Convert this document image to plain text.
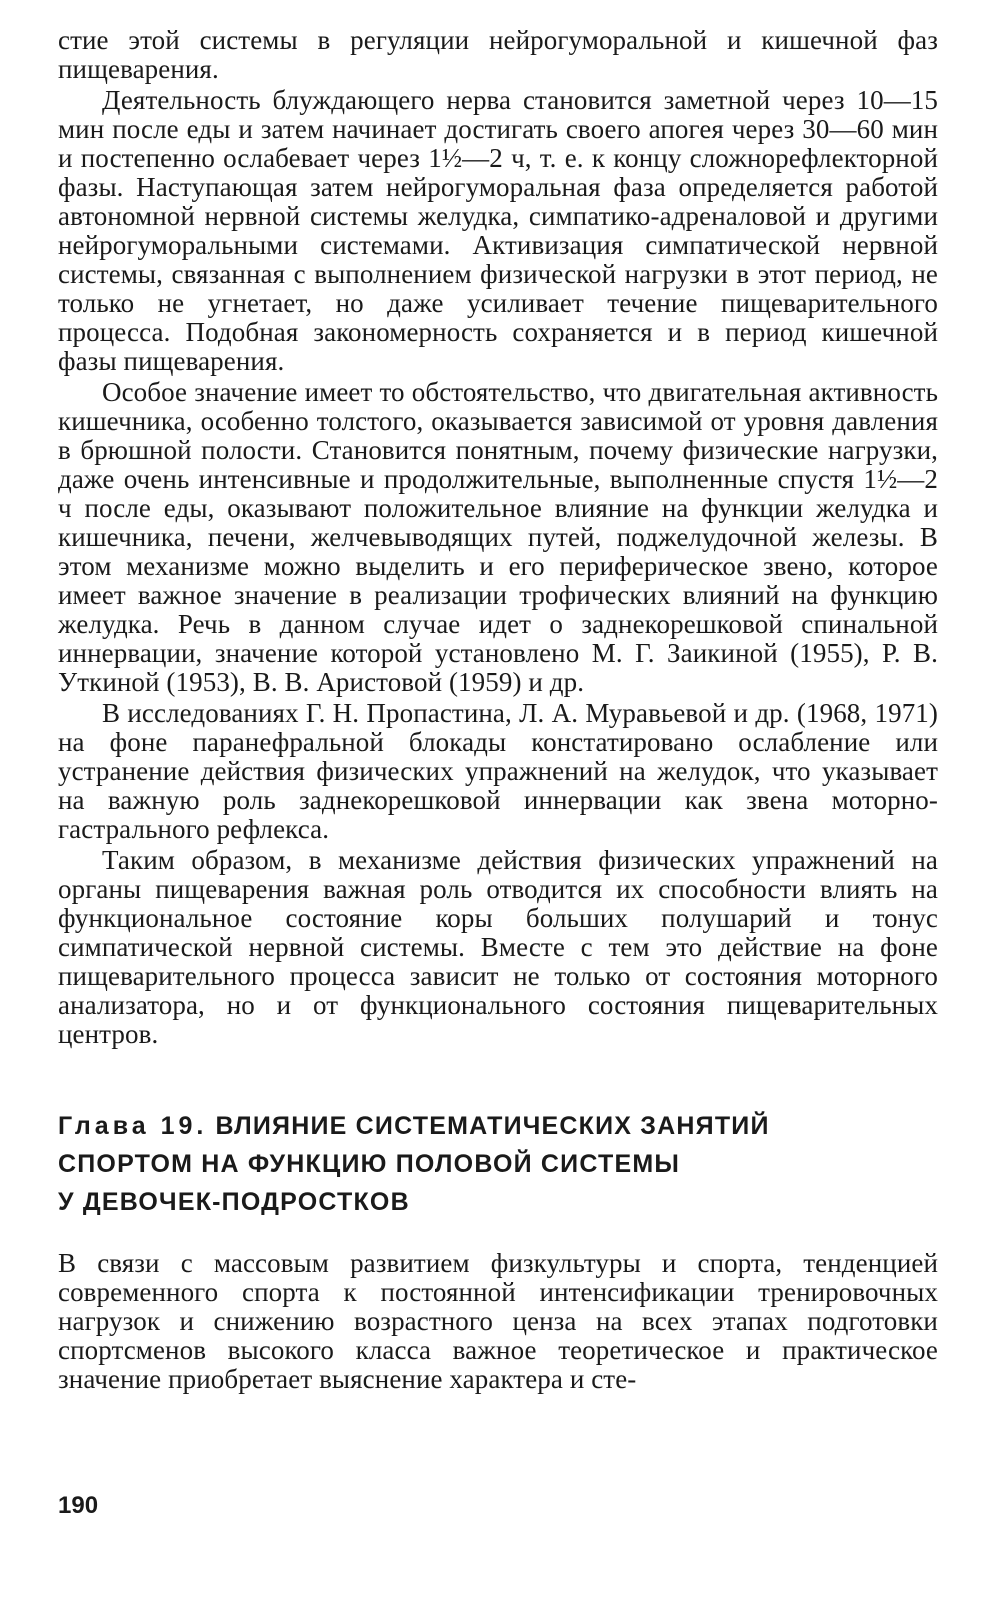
стие этой системы в регуляции нейрогуморальной и кишечной фаз пищеварения.

Деятельность блуждающего нерва становится заметной через 10—15 мин после еды и затем начинает достигать своего апогея через 30—60 мин и постепенно ослабевает через 1½—2 ч, т. е. к концу сложнорефлекторной фазы. Наступающая затем нейрогуморальная фаза определяется работой автономной нервной системы желудка, симпатико-адреналовой и другими нейрогуморальными системами. Активизация симпатической нервной системы, связанная с выполнением физической нагрузки в этот период, не только не угнетает, но даже усиливает течение пищеварительного процесса. Подобная закономерность сохраняется и в период кишечной фазы пищеварения.

Особое значение имеет то обстоятельство, что двигательная активность кишечника, особенно толстого, оказывается зависимой от уровня давления в брюшной полости. Становится понятным, почему физические нагрузки, даже очень интенсивные и продолжительные, выполненные спустя 1½—2 ч после еды, оказывают положительное влияние на функции желудка и кишечника, печени, желчевыводящих путей, поджелудочной железы. В этом механизме можно выделить и его периферическое звено, которое имеет важное значение в реализации трофических влияний на функцию желудка. Речь в данном случае идет о заднекорешковой спинальной иннервации, значение которой установлено М. Г. Заикиной (1955), Р. В. Уткиной (1953), В. В. Аристовой (1959) и др.

В исследованиях Г. Н. Пропастина, Л. А. Муравьевой и др. (1968, 1971) на фоне паранефральной блокады констатировано ослабление или устранение действия физических упражнений на желудок, что указывает на важную роль заднекорешковой иннервации как звена моторно-гастрального рефлекса.

Таким образом, в механизме действия физических упражнений на органы пищеварения важная роль отводится их способности влиять на функциональное состояние коры больших полушарий и тонус симпатической нервной системы. Вместе с тем это действие на фоне пищеварительного процесса зависит не только от состояния моторного анализатора, но и от функционального состояния пищеварительных центров.

Глава 19. ВЛИЯНИЕ СИСТЕМАТИЧЕСКИХ ЗАНЯТИЙ
СПОРТОМ НА ФУНКЦИЮ ПОЛОВОЙ СИСТЕМЫ
У ДЕВОЧЕК-ПОДРОСТКОВ

В связи с массовым развитием физкультуры и спорта, тенденцией современного спорта к постоянной интенсификации тренировочных нагрузок и снижению возрастного ценза на всех этапах подготовки спортсменов высокого класса важное теоретическое и практическое значение приобретает выяснение характера и сте-

190
